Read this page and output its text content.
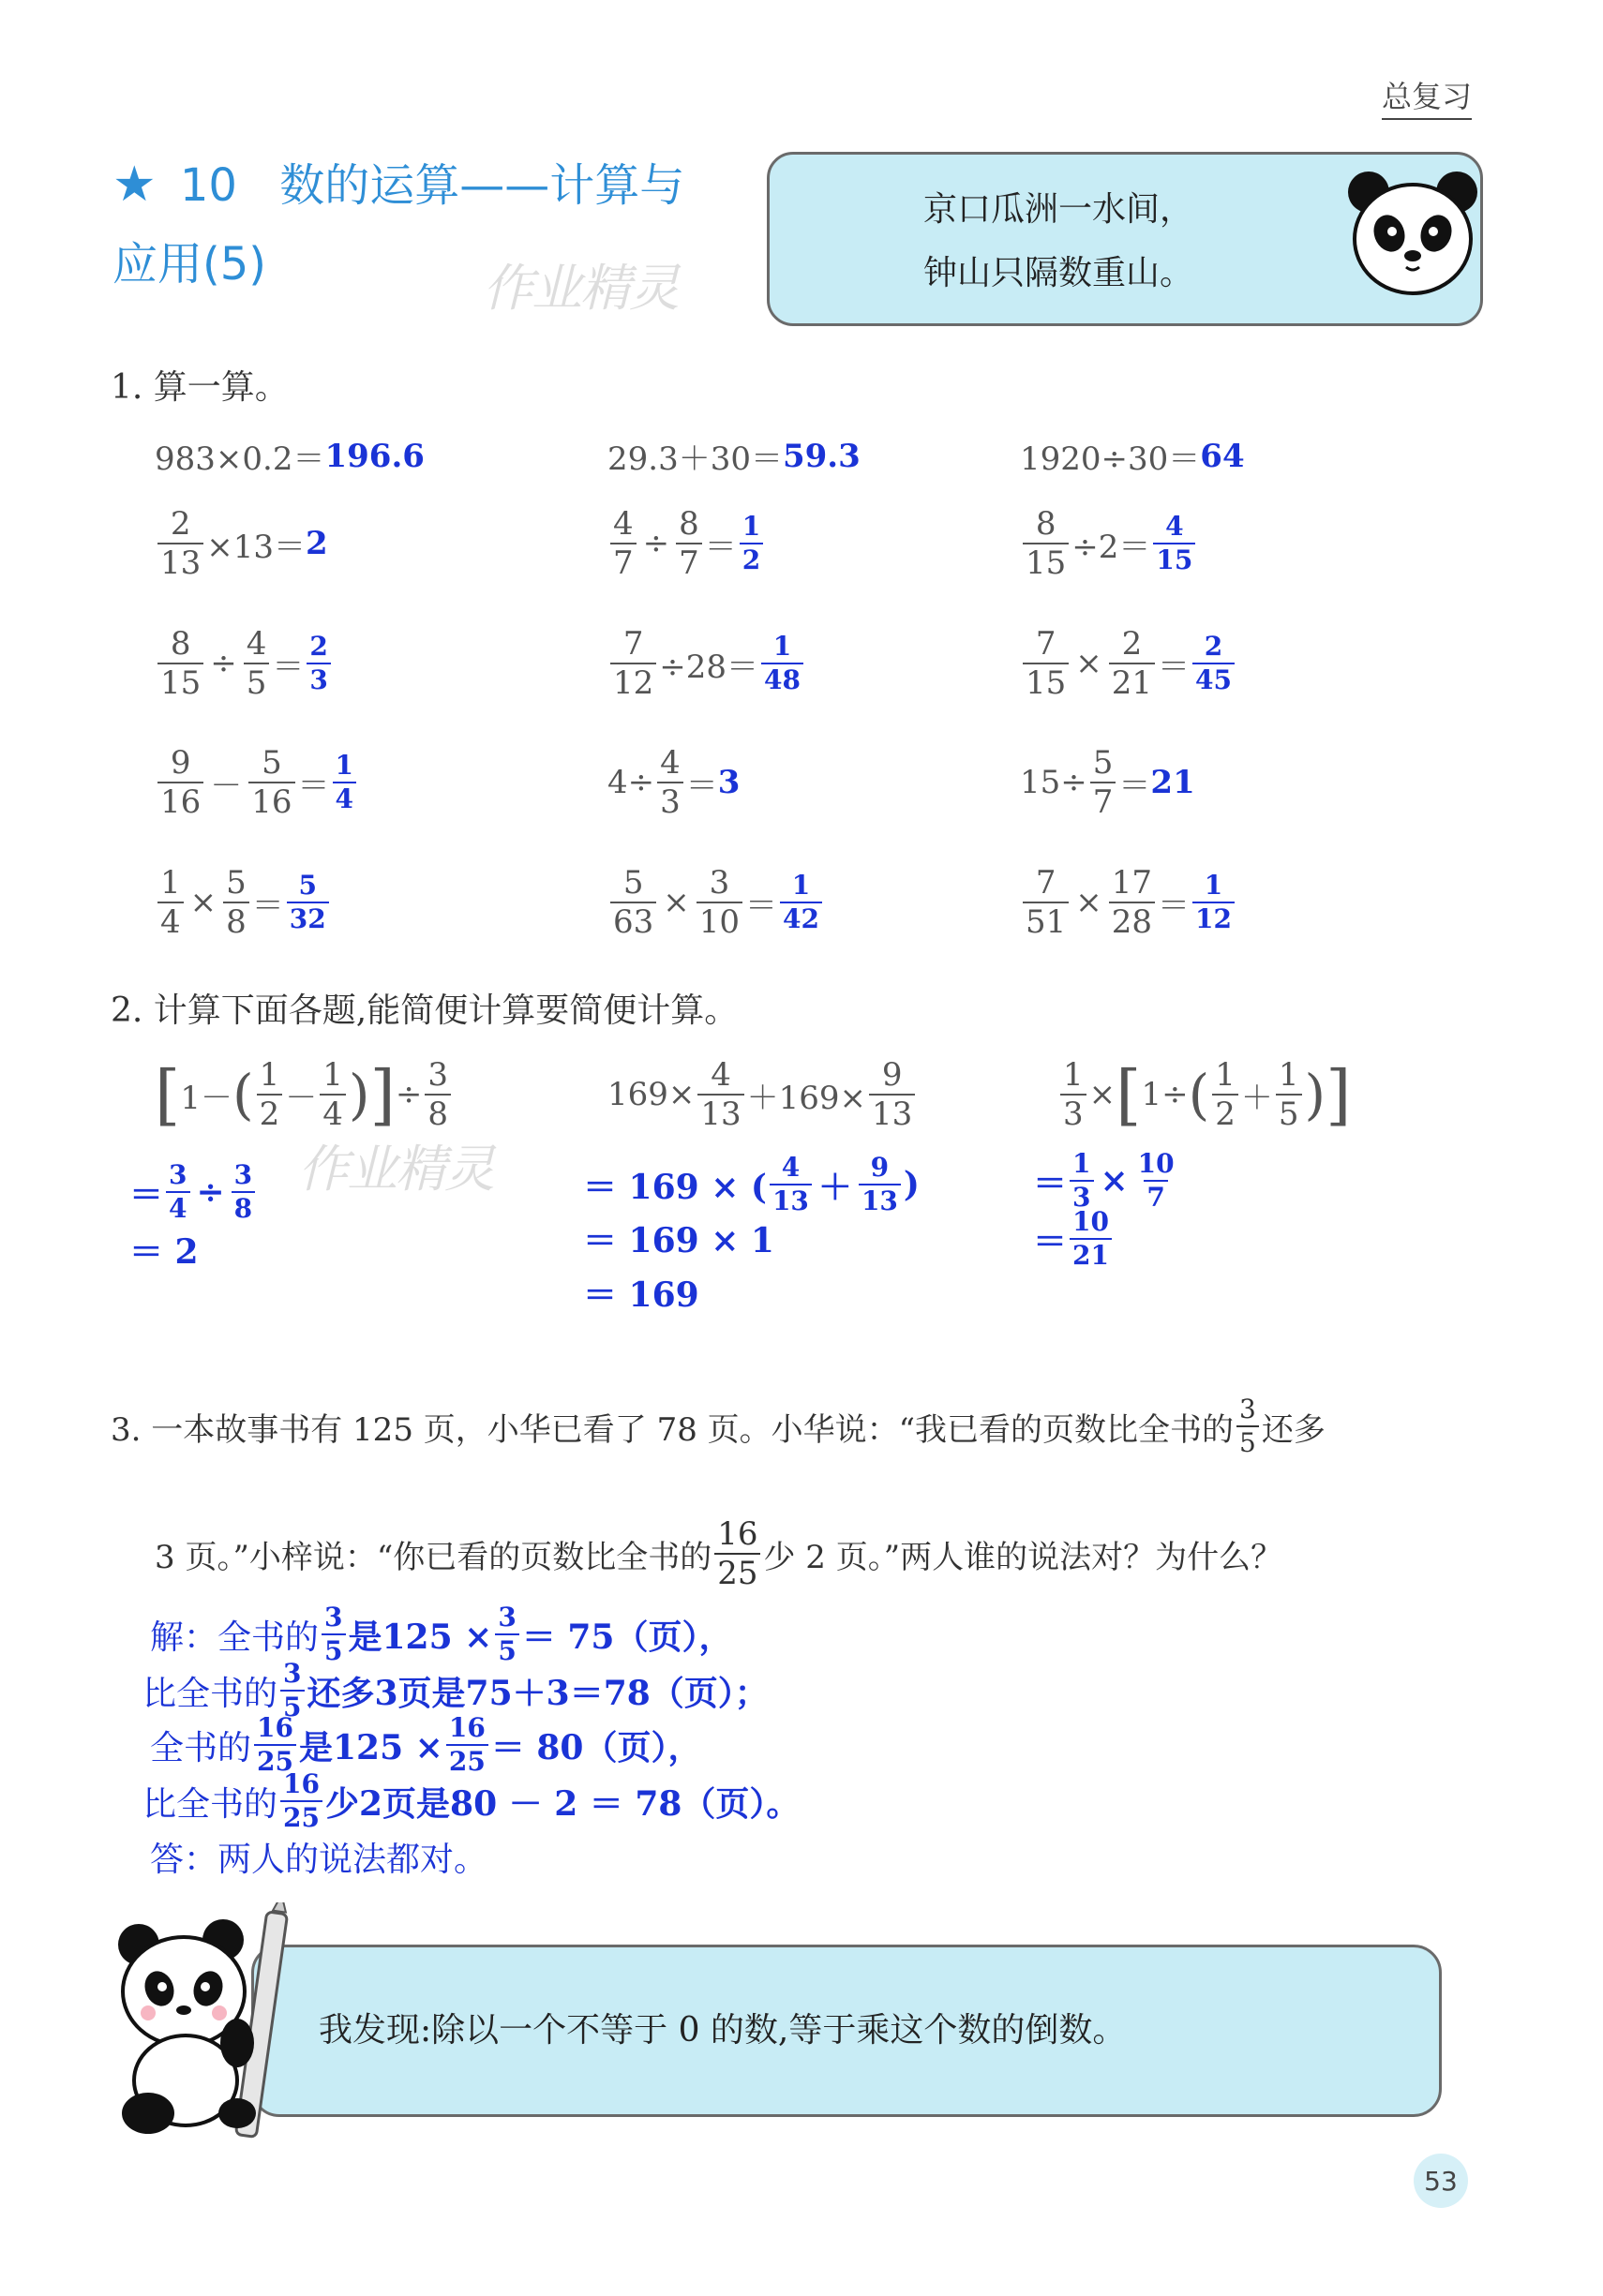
总复习
★ 10 数的运算——计算与
应用(5)	作业精灵
京口瓜洲一水间，
钟山只隔数重山。
1. 算一算。
983×0.2＝ 196.6	29.3＋30＝ 59.3	1920÷30＝ 64
$\frac{2}{13} \times 13= 2$	$\frac{4}{7} \div \frac{8}{7} = \frac{1}{2}$	$\frac{8}{15} \div 2= \frac{4}{15}$
$\frac{8}{15} \div \frac{4}{5} = \frac{2}{3}$	$\frac{7}{12} \div 28= \frac{1}{48}$	$\frac{7}{15} \times \frac{2}{21} = \frac{2}{45}$
$\frac{9}{16} - \frac{5}{16} = \frac{1}{4}$	$4\div \frac{4}{3} = 3$	$15\div \frac{5}{7} = 21$
$\frac{1}{4} \times \frac{5}{8} = \frac{5}{32}$	$\frac{5}{63} \times \frac{3}{10} = \frac{1}{42}$	$\frac{7}{51} \times \frac{17}{28} = \frac{1}{12}$
2. 计算下面各题,能简便计算要简便计算。
[ 1－ ( $\frac{1}{2} - \frac{1}{4}$ ) ] ÷ $\frac{3}{8}$
＝ $\frac{3}{4} \div \frac{3}{8}$
＝ 2
作业精灵
$169\times \frac{4}{13} +169\times \frac{9}{13}$
＝ 169 × ( $\frac{4}{13} + \frac{9}{13}$ )
＝ 169 × 1
＝ 169
$\frac{1}{3}$ × [ 1÷ ( $\frac{1}{2} + \frac{1}{5}$ ) ]
＝ $\frac{1}{3} \times \frac{10}{7}$
＝ $\frac{10}{21}$
3. 一本故事书有 125 页，小华已看了 78 页。小华说：“我已看的页数比全书的 $\frac{3}{5}$ 还多
3 页。”小梓说：“你已看的页数比全书的 $\frac{16}{25}$ 少 2 页。”两人谁的说法对？为什么？
解：全书的 $\frac{3}{5}$ 是$125 \times \frac{3}{5} = 75$（页），
比全书的 $\frac{3}{5}$ 还多3页是75＋3＝78（页）；
全书的 $\frac{16}{25}$ 是$125 \times \frac{16}{25} = 80$（页），
比全书的 $\frac{16}{25}$ 少2页是80 － 2 ＝ 78（页）。
答：两人的说法都对。
我发现:除以一个不等于 0 的数,等于乘这个数的倒数。
53
